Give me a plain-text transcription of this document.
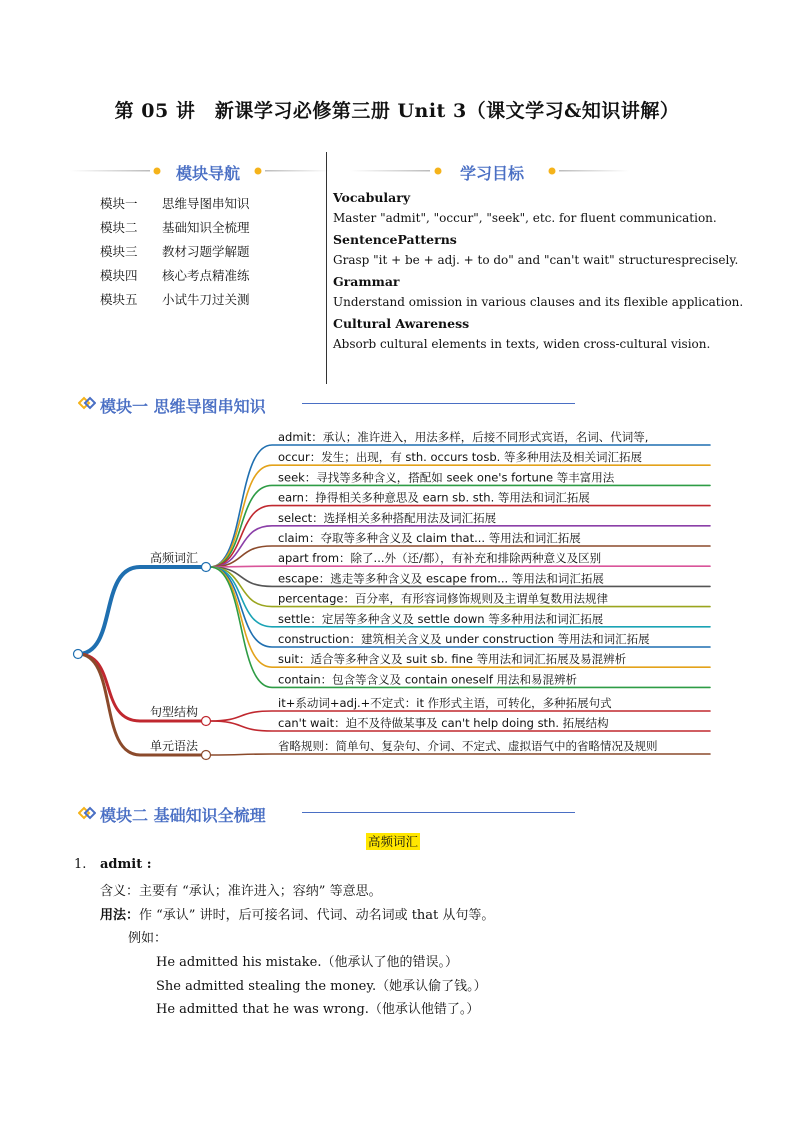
第 05 讲　新课学习必修第三册 Unit 3（课文学习&知识讲解）
模块导航
模块一 思维导图串知识
模块二 基础知识全梳理
模块三 教材习题学解题
模块四 核心考点精准练
模块五 小试牛刀过关测
学习目标
Vocabulary
Master "admit", "occur", "seek", etc. for fluent communication.
SentencePatterns
Grasp "it + be + adj. + to do" and "can't wait" structuresprecisely.
Grammar
Understand omission in various clauses and its flexible application.
Cultural Awareness
Absorb cultural elements in texts, widen cross-cultural vision.
模块一 思维导图串知识
高频词汇
句型结构
单元语法
admit：承认；准许进入，用法多样，后接不同形式宾语，名词、代词等,
occur：发生；出现，有 sth. occurs tosb. 等多种用法及相关词汇拓展
seek：寻找等多种含义，搭配如 seek one's fortune 等丰富用法
earn：挣得相关多种意思及 earn sb. sth. 等用法和词汇拓展
select：选择相关多种搭配用法及词汇拓展
claim：夺取等多种含义及 claim that... 等用法和词汇拓展
apart from：除了...外（还/都），有补充和排除两种意义及区别
escape：逃走等多种含义及 escape from... 等用法和词汇拓展
percentage：百分率，有形容词修饰规则及主谓单复数用法规律
settle：定居等多种含义及 settle down 等多种用法和词汇拓展
construction：建筑相关含义及 under construction 等用法和词汇拓展
suit：适合等多种含义及 suit sb. fine 等用法和词汇拓展及易混辨析
contain：包含等含义及 contain oneself 用法和易混辨析
it+系动词+adj.+不定式：it 作形式主语，可转化，多种拓展句式
can't wait：迫不及待做某事及 can't help doing sth. 拓展结构
省略规则：简单句、复杂句、介词、不定式、虚拟语气中的省略情况及规则
模块二 基础知识全梳理
高频词汇
1. admit :
含义：主要有 “承认；准许进入；容纳” 等意思。
用法：作 “承认” 讲时，后可接名词、代词、动名词或 that 从句等。
例如：
He admitted his mistake.（他承认了他的错误。）
She admitted stealing the money.（她承认偷了钱。）
He admitted that he was wrong.（他承认他错了。）
